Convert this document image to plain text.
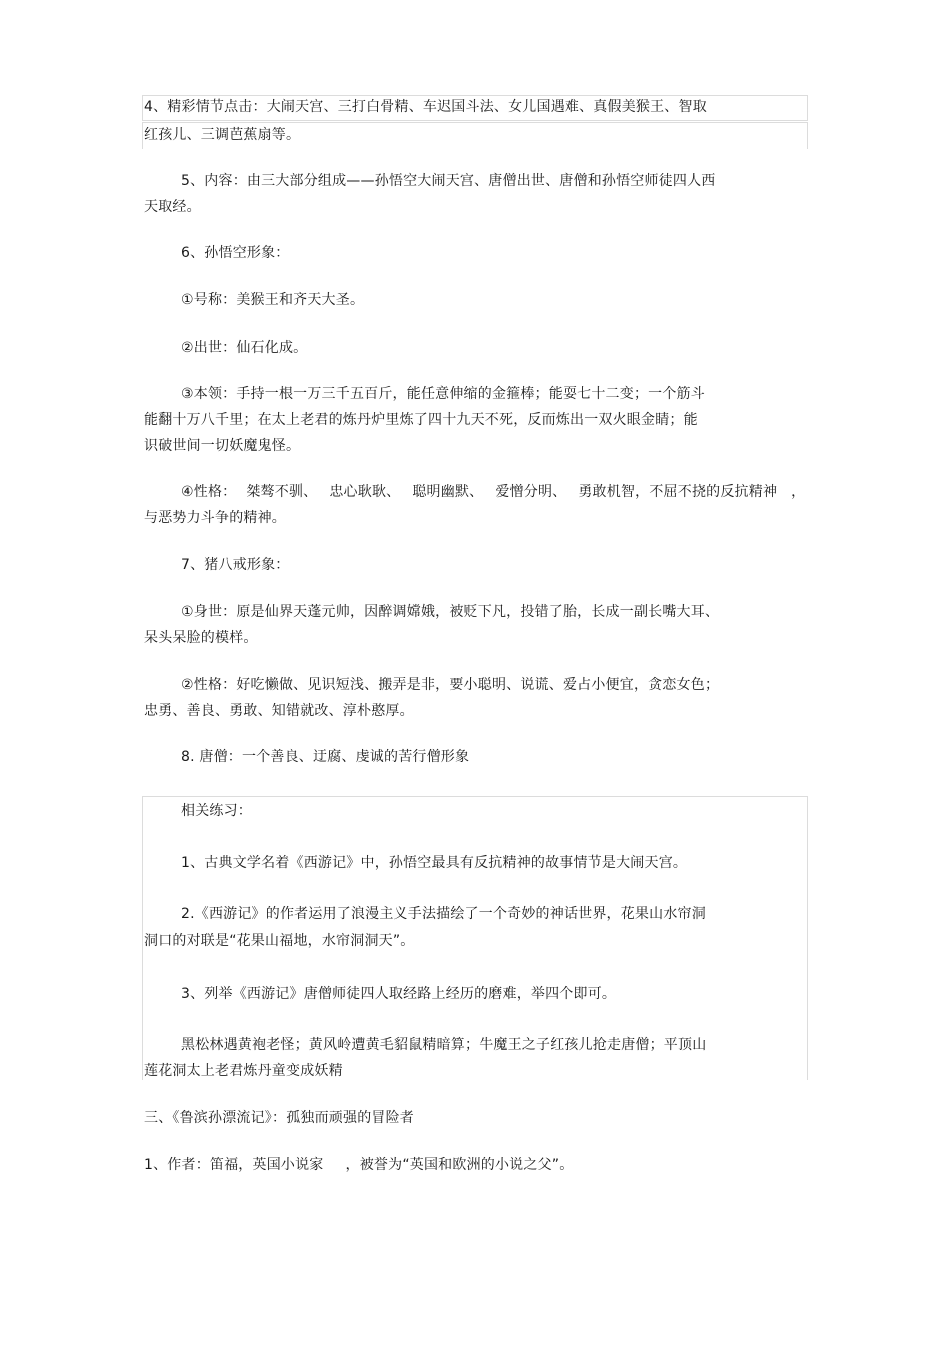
4、精彩情节点击：大闹天宫、三打白骨精、车迟国斗法、女儿国遇难、真假美猴王、智取
红孩儿、三调芭蕉扇等。
5、内容：由三大部分组成——孙悟空大闹天宫、唐僧出世、唐僧和孙悟空师徒四人西
天取经。
6、孙悟空形象：
①号称：美猴王和齐天大圣。
②出世：仙石化成。
③本领：手持一根一万三千五百斤，能任意伸缩的金箍棒；能耍七十二变；一个筋斗
能翻十万八千里；在太上老君的炼丹炉里炼了四十九天不死，反而炼出一双火眼金睛；能
识破世间一切妖魔鬼怪。
④性格： 桀骜不驯、 忠心耿耿、 聪明幽默、 爱憎分明、 勇敢机智，不屈不挠的反抗精神 ，
与恶势力斗争的精神。
7、猪八戒形象：
①身世：原是仙界天蓬元帅，因醉调嫦娥，被贬下凡，投错了胎，长成一副长嘴大耳、
呆头呆脸的模样。
②性格：好吃懒做、见识短浅、搬弄是非，要小聪明、说谎、爱占小便宜，贪恋女色；
忠勇、善良、勇敢、知错就改、淳朴憨厚。
8. 唐僧：一个善良、迂腐、虔诚的苦行僧形象
相关练习：
1、古典文学名着《西游记》中，孙悟空最具有反抗精神的故事情节是大闹天宫。
2.《西游记》的作者运用了浪漫主义手法描绘了一个奇妙的神话世界，花果山水帘洞
洞口的对联是“花果山福地，水帘洞洞天”。
3、列举《西游记》唐僧师徒四人取经路上经历的磨难，举四个即可。
黑松林遇黄袍老怪；黄风岭遭黄毛貂鼠精暗算；牛魔王之子红孩儿抢走唐僧；平顶山
莲花洞太上老君炼丹童变成妖精
三、《鲁滨孙漂流记》：孤独而顽强的冒险者
1、作者：笛福，英国小说家 ，被誉为“英国和欧洲的小说之父”。
